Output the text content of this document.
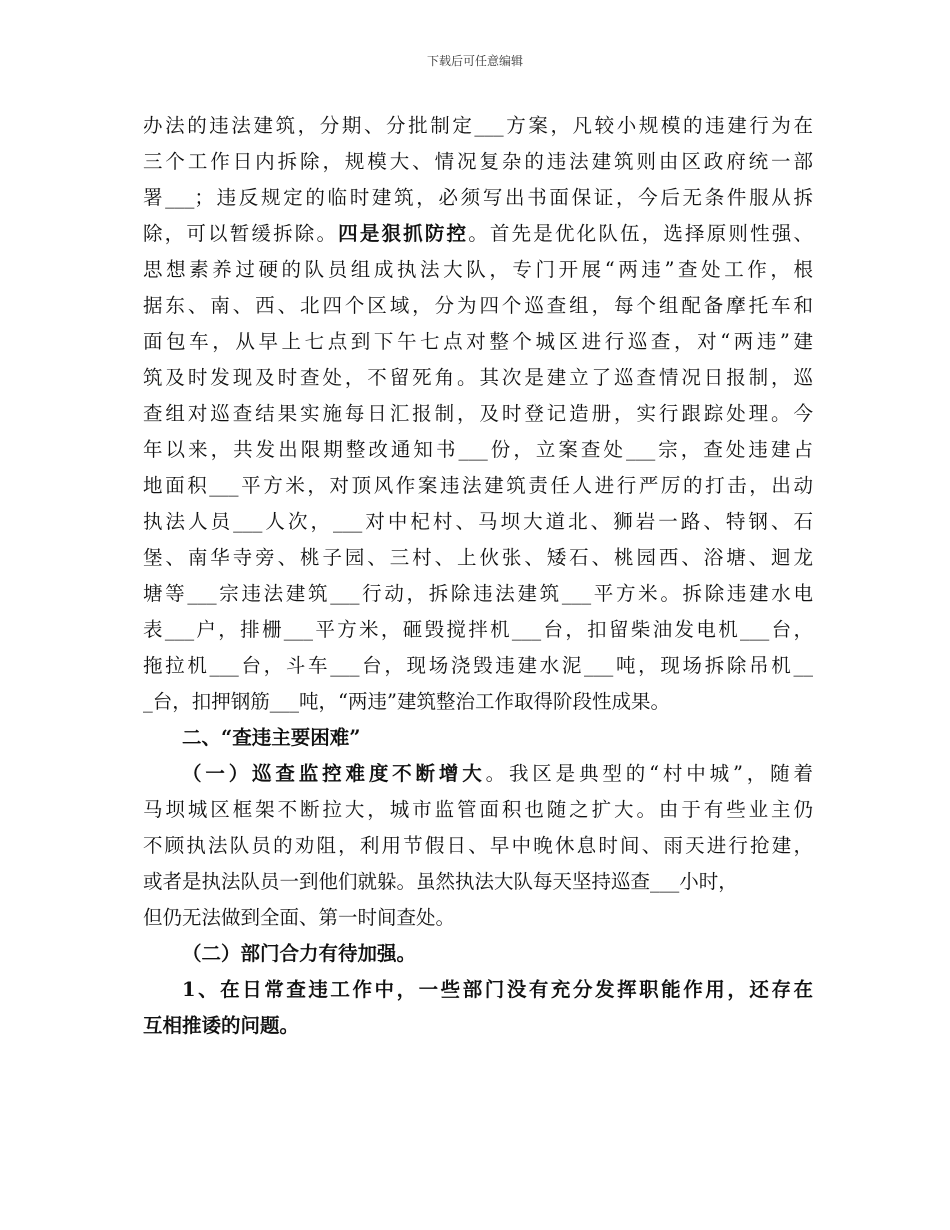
下载后可任意编辑

办法的违法建筑，分期、分批制定___方案，凡较小规模的违建行为在

三个工作日内拆除，规模大、情况复杂的违法建筑则由区政府统一部

署___；违反规定的临时建筑，必须写出书面保证，今后无条件服从拆

除，可以暂缓拆除。四是狠抓防控。首先是优化队伍，选择原则性强、

思想素养过硬的队员组成执法大队，专门开展“两违”查处工作，根

据东、南、西、北四个区域，分为四个巡查组，每个组配备摩托车和

面包车，从早上七点到下午七点对整个城区进行巡查，对“两违”建

筑及时发现及时查处，不留死角。其次是建立了巡查情况日报制，巡

查组对巡查结果实施每日汇报制，及时登记造册，实行跟踪处理。今

年以来，共发出限期整改通知书___份，立案查处___宗，查处违建占

地面积___平方米，对顶风作案违法建筑责任人进行严厉的打击，出动

执法人员___人次，___对中杞村、马坝大道北、狮岩一路、特钢、石

堡、南华寺旁、桃子园、三村、上伙张、矮石、桃园西、浴塘、迴龙

塘等___宗违法建筑___行动，拆除违法建筑___平方米。拆除违建水电

表___户，排栅___平方米，砸毁搅拌机___台，扣留柴油发电机___台，

拖拉机___台，斗车___台，现场浇毁违建水泥___吨，现场拆除吊机__

_台，扣押钢筋___吨，“两违”建筑整治工作取得阶段性成果。

二、“查违主要困难”

（一）巡查监控难度不断增大。我区是典型的“村中城”，随着

马坝城区框架不断拉大，城市监管面积也随之扩大。由于有些业主仍

不顾执法队员的劝阻，利用节假日、早中晚休息时间、雨天进行抢建，

或者是执法队员一到他们就躲。虽然执法大队每天坚持巡查___小时，

但仍无法做到全面、第一时间查处。

（二）部门合力有待加强。

1、在日常查违工作中，一些部门没有充分发挥职能作用，还存在

互相推诿的问题。
